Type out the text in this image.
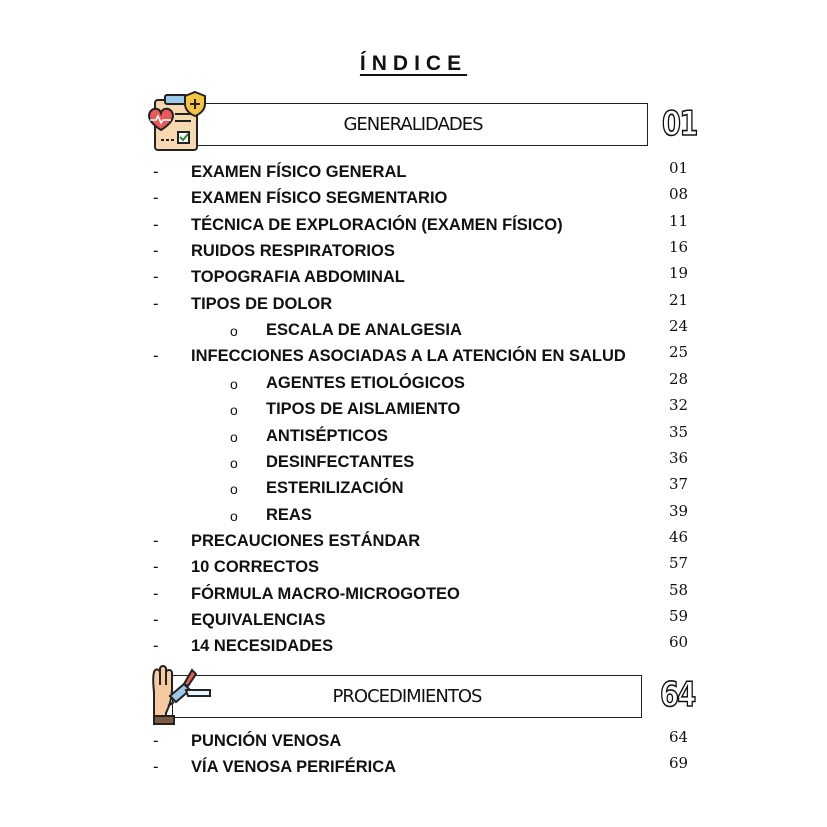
ÍNDICE
GENERALIDADES	01
- EXAMEN FÍSICO GENERAL	01
- EXAMEN FÍSICO SEGMENTARIO	08
- TÉCNICA DE EXPLORACIÓN (EXAMEN FÍSICO)	11
- RUIDOS RESPIRATORIOS	16
- TOPOGRAFIA ABDOMINAL	19
- TIPOS DE DOLOR	21
o ESCALA DE ANALGESIA	24
- INFECCIONES ASOCIADAS A LA ATENCIÓN EN SALUD	25
o AGENTES ETIOLÓGICOS	28
o TIPOS DE AISLAMIENTO	32
o ANTISÉPTICOS	35
o DESINFECTANTES	36
o ESTERILIZACIÓN	37
o REAS	39
- PRECAUCIONES ESTÁNDAR	46
- 10 CORRECTOS	57
- FÓRMULA MACRO-MICROGOTEO	58
- EQUIVALENCIAS	59
- 14 NECESIDADES	60
PROCEDIMIENTOS	64
- PUNCIÓN VENOSA	64
- VÍA VENOSA PERIFÉRICA	69
